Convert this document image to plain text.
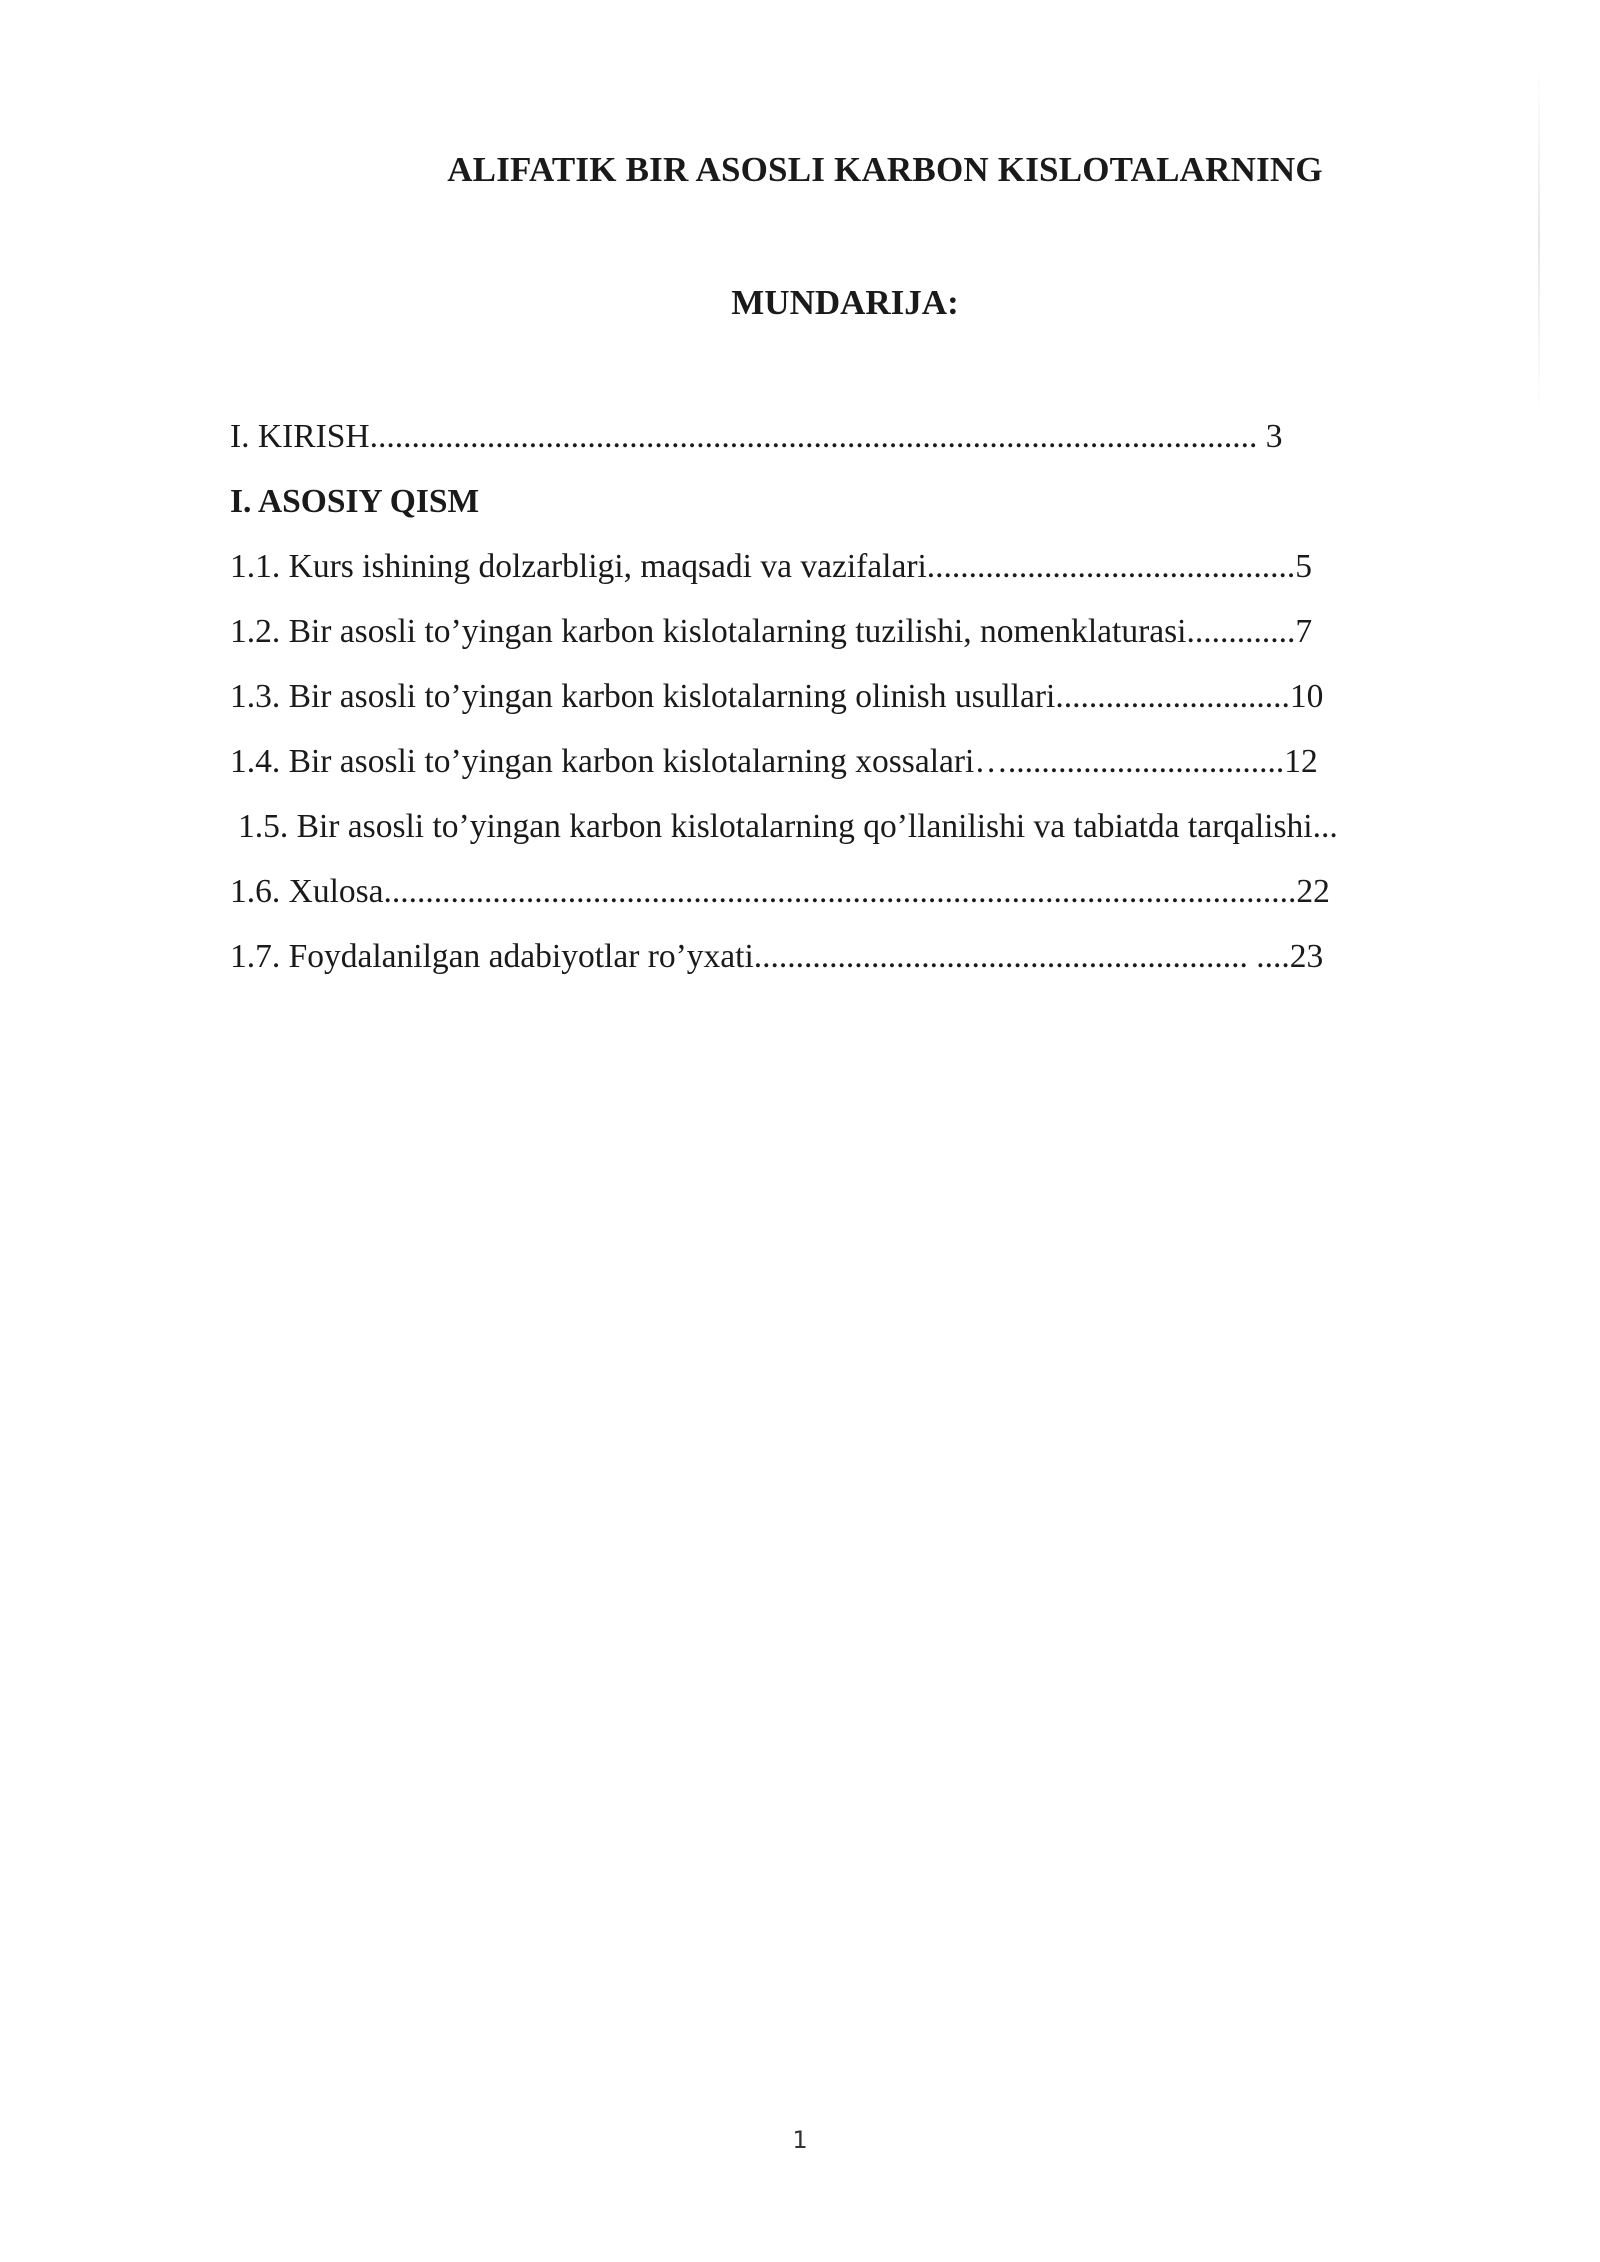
ALIFATIK BIR ASOSLI KARBON KISLOTALARNING
MUNDARIJA:
I. KIRISH.......................................................................................................... 3
I. ASOSIY QISM
1.1. Kurs ishining dolzarbligi, maqsadi va vazifalari............................................5
1.2. Bir asosli to’yingan karbon kislotalarning tuzilishi, nomenklaturasi.............7
1.3. Bir asosli to’yingan karbon kislotalarning olinish usullari............................10
1.4. Bir asosli to’yingan karbon kislotalarning xossalari….................................12
1.5. Bir asosli to’yingan karbon kislotalarning qo’llanilishi va tabiatda tarqalishi...
1.6. Xulosa.............................................................................................................22
1.7. Foydalanilgan adabiyotlar ro’yxati........................................................... ....23
1
